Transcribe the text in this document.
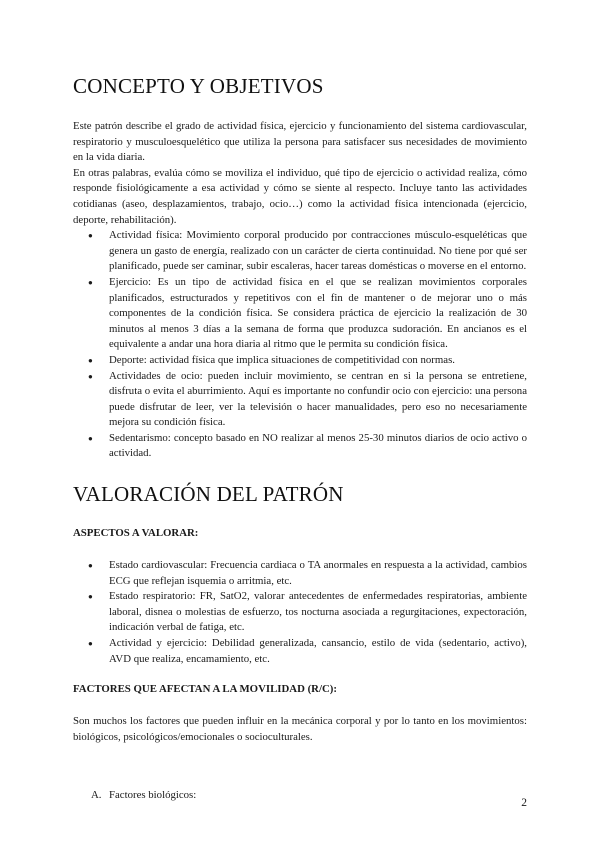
CONCEPTO Y OBJETIVOS

Este patrón describe el grado de actividad física, ejercicio y funcionamiento del sistema cardiovascular, respiratorio y musculoesquelético que utiliza la persona para satisfacer sus necesidades de movimiento en la vida diaria.

En otras palabras, evalúa cómo se moviliza el individuo, qué tipo de ejercicio o actividad realiza, cómo responde fisiológicamente a esa actividad y cómo se siente al respecto. Incluye tanto las actividades cotidianas (aseo, desplazamientos, trabajo, ocio…) como la actividad física intencionada (ejercicio, deporte, rehabilitación).

● Actividad física: Movimiento corporal producido por contracciones músculo-esqueléticas que genera un gasto de energía, realizado con un carácter de cierta continuidad. No tiene por qué ser planificado, puede ser caminar, subir escaleras, hacer tareas domésticas o moverse en el entorno.
● Ejercicio: Es un tipo de actividad física en el que se realizan movimientos corporales planificados, estructurados y repetitivos con el fin de mantener o de mejorar uno o más componentes de la condición física. Se considera práctica de ejercicio la realización de 30 minutos al menos 3 días a la semana de forma que produzca sudoración. En ancianos es el equivalente a andar una hora diaria al ritmo que le permita su condición física.
● Deporte: actividad física que implica situaciones de competitividad con normas.
● Actividades de ocio: pueden incluir movimiento, se centran en si la persona se entretiene, disfruta o evita el aburrimiento. Aquí es importante no confundir ocio con ejercicio: una persona puede disfrutar de leer, ver la televisión o hacer manualidades, pero eso no necesariamente mejora su condición física.
● Sedentarismo: concepto basado en NO realizar al menos 25-30 minutos diarios de ocio activo o actividad.
VALORACIÓN DEL PATRÓN

ASPECTOS A VALORAR:

● Estado cardiovascular: Frecuencia cardiaca o TA anormales en respuesta a la actividad, cambios ECG que reflejan isquemia o arritmia, etc.
● Estado respiratorio: FR, SatO2, valorar antecedentes de enfermedades respiratorias, ambiente laboral, disnea o molestias de esfuerzo, tos nocturna asociada a regurgitaciones, expectoración, indicación verbal de fatiga, etc.
● Actividad y ejercicio: Debilidad generalizada, cansancio, estilo de vida (sedentario, activo), AVD que realiza, encamamiento, etc.

FACTORES QUE AFECTAN A LA MOVILIDAD (R/C):

Son muchos los factores que pueden influir en la mecánica corporal y por lo tanto en los movimientos: biológicos, psicológicos/emocionales o socioculturales.

A. Factores biológicos:
2
